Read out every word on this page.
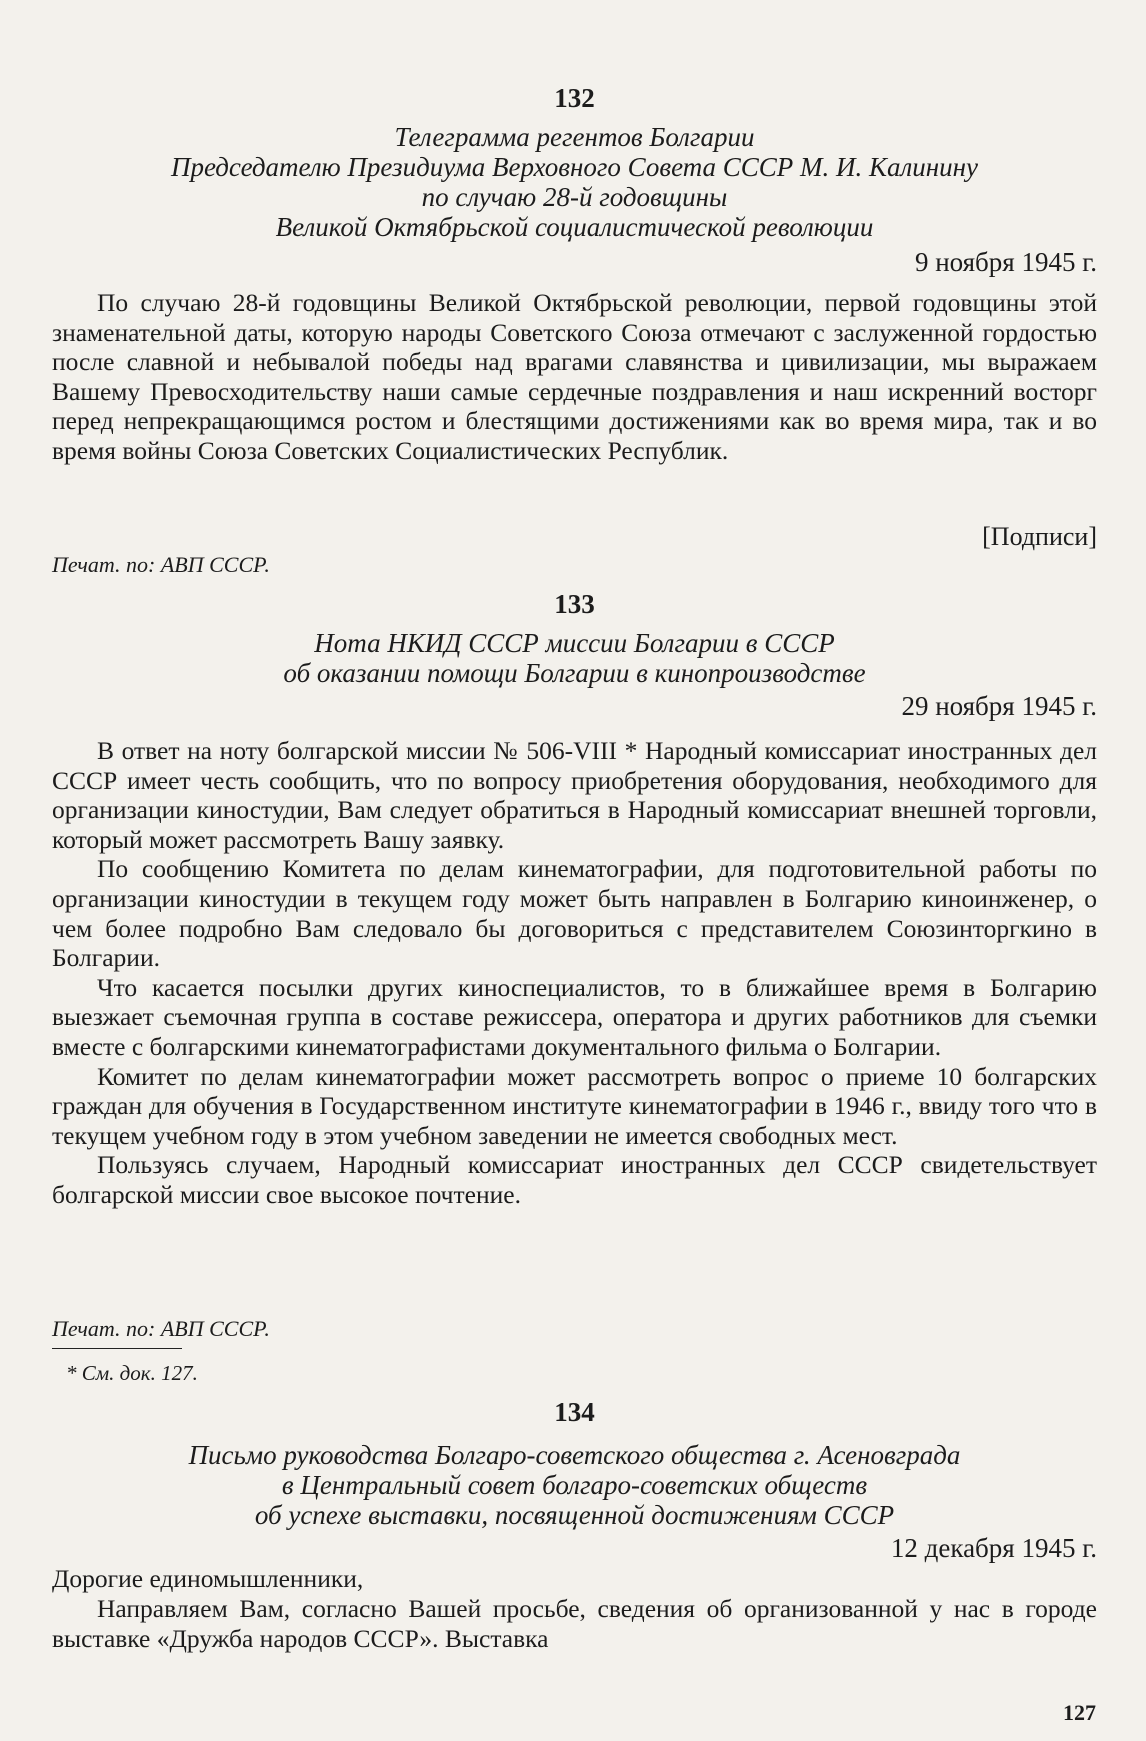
132
Телеграмма регентов Болгарии
Председателю Президиума Верховного Совета СССР М. И. Калинину
по случаю 28-й годовщины
Великой Октябрьской социалистической революции
9 ноября 1945 г.

По случаю 28-й годовщины Великой Октябрьской революции, первой годовщины этой знаменательной даты, которую народы Советского Союза отмечают с заслуженной гордостью после славной и небывалой победы над врагами славянства и цивилизации, мы выражаем Вашему Превосходительству наши самые сердечные поздравления и наш искренний восторг перед непрекращающимся ростом и блестящими достижениями как во время мира, так и во время войны Союза Советских Социалистических Республик.

[Подписи]
Печат. по: АВП СССР.
133
Нота НКИД СССР миссии Болгарии в СССР
об оказании помощи Болгарии в кинопроизводстве
29 ноября 1945 г.

В ответ на ноту болгарской миссии № 506-VIII * Народный комиссариат иностранных дел СССР имеет честь сообщить, что по вопросу приобретения оборудования, необходимого для организации киностудии, Вам следует обратиться в Народный комиссариат внешней торговли, который может рассмотреть Вашу заявку.

По сообщению Комитета по делам кинематографии, для подготовительной работы по организации киностудии в текущем году может быть направлен в Болгарию киноинженер, о чем более подробно Вам следовало бы договориться с представителем Союзинторгкино в Болгарии.

Что касается посылки других киноспециалистов, то в ближайшее время в Болгарию выезжает съемочная группа в составе режиссера, оператора и других работников для съемки вместе с болгарскими кинематографистами документального фильма о Болгарии.

Комитет по делам кинематографии может рассмотреть вопрос о приеме 10 болгарских граждан для обучения в Государственном институте кинематографии в 1946 г., ввиду того что в текущем учебном году в этом учебном заведении не имеется свободных мест.

Пользуясь случаем, Народный комиссариат иностранных дел СССР свидетельствует болгарской миссии свое высокое почтение.

Печат. по: АВП СССР.
* См. док. 127.
134
Письмо руководства Болгаро-советского общества г. Асеновграда
в Центральный совет болгаро-советских обществ
об успехе выставки, посвященной достижениям СССР
12 декабря 1945 г.
Дорогие единомышленники,

Направляем Вам, согласно Вашей просьбе, сведения об организованной у нас в городе выставке «Дружба народов СССР». Выставка

127
